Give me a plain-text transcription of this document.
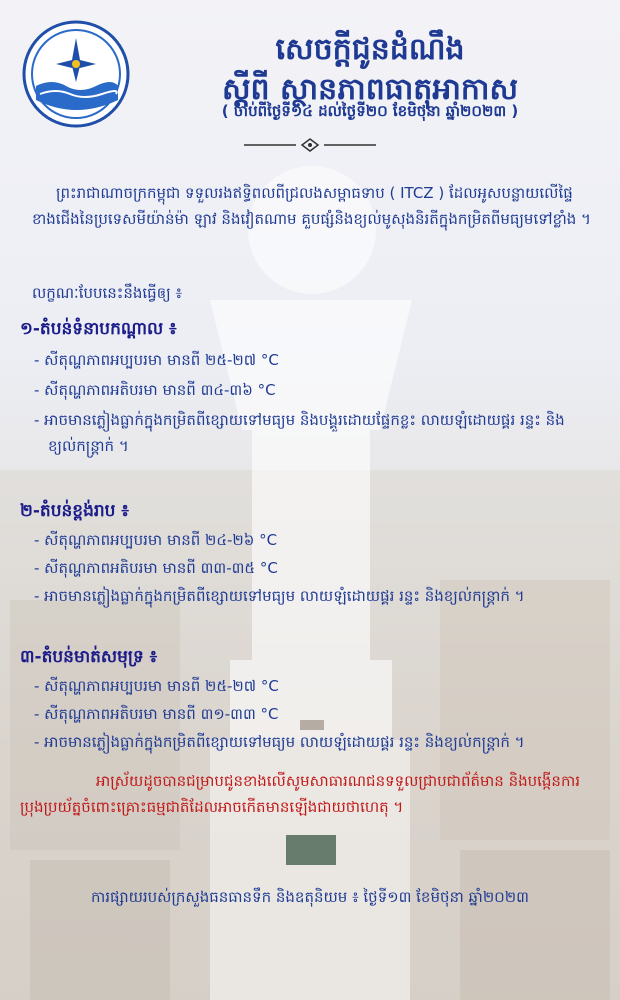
សេចក្តីជូនដំណឹង
ស្តីពី ស្ថានភាពធាតុអាកាស
( ចាប់ពីថ្ងៃទី១៤ ដល់ថ្ងៃទី២០ ខែមិថុនា ឆ្នាំ២០២៣ )
ព្រះរាជាណាចក្រកម្ពុជា ទទួលរងឥទ្ធិពលពីជ្រលងសម្ពាធទាប ( ITCZ ) ដែលអូសបន្លាយលើផ្ទៃខាងជើងនៃប្រទេសមីយ៉ាន់ម៉ា ឡាវ និងវៀតណាម គួបផ្សំនិងខ្យល់មូសុងនិរតីក្នុងកម្រិតពីមធ្យមទៅខ្លាំង ។
លក្ខណៈបែបនេះនឹងធ្វើឲ្យ ៖
១-តំបន់ទំនាបកណ្តាល ៖
- សីតុណ្ហភាពអប្បបរមា មានពី ២៥-២៧ °C
- សីតុណ្ហភាពអតិបរមា មានពី ៣៤-៣៦ °C
- អាចមានភ្លៀងធ្លាក់ក្នុងកម្រិតពីខ្សោយទៅមធ្យម និងបង្គួរដោយផ្ទែកខ្លះ លាយឡំដោយផ្គរ រន្ទះ និង
ខ្យល់កន្ត្រាក់ ។
២-តំបន់ខ្ពង់រាប ៖
- សីតុណ្ហភាពអប្បបរមា មានពី ២៤-២៦ °C
- សីតុណ្ហភាពអតិបរមា មានពី ៣៣-៣៥ °C
- អាចមានភ្លៀងធ្លាក់ក្នុងកម្រិតពីខ្សោយទៅមធ្យម លាយឡំដោយផ្គរ រន្ទះ និងខ្យល់កន្ត្រាក់ ។
៣-តំបន់មាត់សមុទ្រ ៖
- សីតុណ្ហភាពអប្បបរមា មានពី ២៥-២៧ °C
- សីតុណ្ហភាពអតិបរមា មានពី ៣១-៣៣ °C
- អាចមានភ្លៀងធ្លាក់ក្នុងកម្រិតពីខ្សោយទៅមធ្យម លាយឡំដោយផ្គរ រន្ទះ និងខ្យល់កន្ត្រាក់ ។
អាស្រ័យដូចបានជម្រាបជូនខាងលើសូមសាធារណជនទទួលជ្រាបជាព័ត៌មាន និងបង្កើនការប្រុងប្រយ័ត្នចំពោះគ្រោះធម្មជាតិដែលអាចកើតមានឡើងជាយថាហេតុ ។
ការផ្សាយរបស់ក្រសួងធនធានទឹក និងឧតុនិយម ៖ ថ្ងៃទី១៣ ខែមិថុនា ឆ្នាំ២០២៣
